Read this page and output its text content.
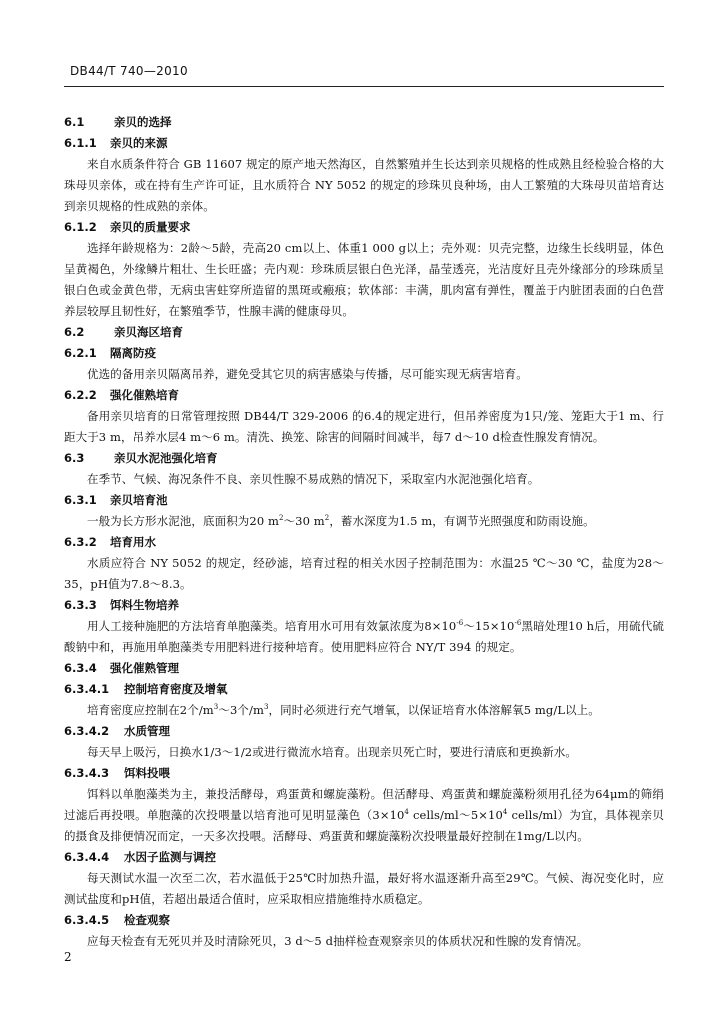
DB44/T 740—2010
6.1	亲贝的选择
6.1.1 亲贝的来源

来自水质条件符合 GB 11607 规定的原产地天然海区，自然繁殖并生长达到亲贝规格的性成熟且经检验合格的大珠母贝亲体，或在持有生产许可证，且水质符合 NY 5052 的规定的珍珠贝良种场，由人工繁殖的大珠母贝苗培育达到亲贝规格的性成熟的亲体。

6.1.2 亲贝的质量要求

选择年龄规格为：2龄～5龄，壳高20 cm以上、体重1 000 g以上；壳外观：贝壳完整，边缘生长线明显，体色呈黄褐色，外缘鳞片粗壮、生长旺盛；壳内观：珍珠质层银白色光泽，晶莹透亮，光洁度好且壳外缘部分的珍珠质呈银白色或金黄色带，无病虫害蛀穿所造留的黑斑或瘢痕；软体部：丰满，肌肉富有弹性，覆盖于内脏团表面的白色营养层较厚且韧性好，在繁殖季节，性腺丰满的健康母贝。

6.2	亲贝海区培育
6.2.1 隔离防疫

优选的备用亲贝隔离吊养，避免受其它贝的病害感染与传播，尽可能实现无病害培育。

6.2.2 强化催熟培育

备用亲贝培育的日常管理按照 DB44/T 329-2006 的6.4的规定进行，但吊养密度为1只/笼、笼距大于1 m、行距大于3 m，吊养水层4 m～6 m。清洗、换笼、除害的间隔时间减半，每7 d～10 d检查性腺发育情况。

6.3	亲贝水泥池强化培育

在季节、气候、海况条件不良、亲贝性腺不易成熟的情况下，采取室内水泥池强化培育。

6.3.1 亲贝培育池

一般为长方形水泥池，底面积为20 $m^2\sim 30$ $m^2$，蓄水深度为1.5 m，有调节光照强度和防雨设施。

6.3.2 培育用水

水质应符合 NY 5052 的规定，经砂滤，培育过程的相关水因子控制范围为：水温25 ℃～30 ℃，盐度为28～35，pH值为7.8～8.3。

6.3.3 饵料生物培养

用人工接种施肥的方法培育单胞藻类。培育用水可用有效氯浓度为$8\times 10^{-6}\sim 15\times 10^{-6}$黑暗处理10 h后，用硫代硫酸钠中和，再施用单胞藻类专用肥料进行接种培育。使用肥料应符合 NY/T 394 的规定。

6.3.4 强化催熟管理
6.3.4.1 控制培育密度及增氧

培育密度应控制在2个$/m^3\sim 3$个$/m^3$，同时必须进行充气增氧，以保证培育水体溶解氧5 mg/L以上。

6.3.4.2 水质管理

每天早上吸污，日换水1/3～1/2或进行微流水培育。出现亲贝死亡时，要进行清底和更换新水。

6.3.4.3 饵料投喂

饵料以单胞藻类为主，兼投活酵母，鸡蛋黄和螺旋藻粉。但活酵母、鸡蛋黄和螺旋藻粉须用孔径为64μm的筛绢过滤后再投喂。单胞藻的次投喂量以培育池可见明显藻色（$3\times 10^4$ cells/$ml\sim 5\times 10^4$ cells/ml）为宜，具体视亲贝的摄食及排便情况而定，一天多次投喂。活酵母、鸡蛋黄和螺旋藻粉次投喂量最好控制在1mg/L以内。

6.3.4.4 水因子监测与调控

每天测试水温一次至二次，若水温低于25℃时加热升温，最好将水温逐渐升高至29℃。气候、海况变化时，应测试盐度和pH值，若超出最适合值时，应采取相应措施维持水质稳定。

6.3.4.5 检查观察

应每天检查有无死贝并及时清除死贝，3 d～5 d抽样检查观察亲贝的体质状况和性腺的发育情况。

2
